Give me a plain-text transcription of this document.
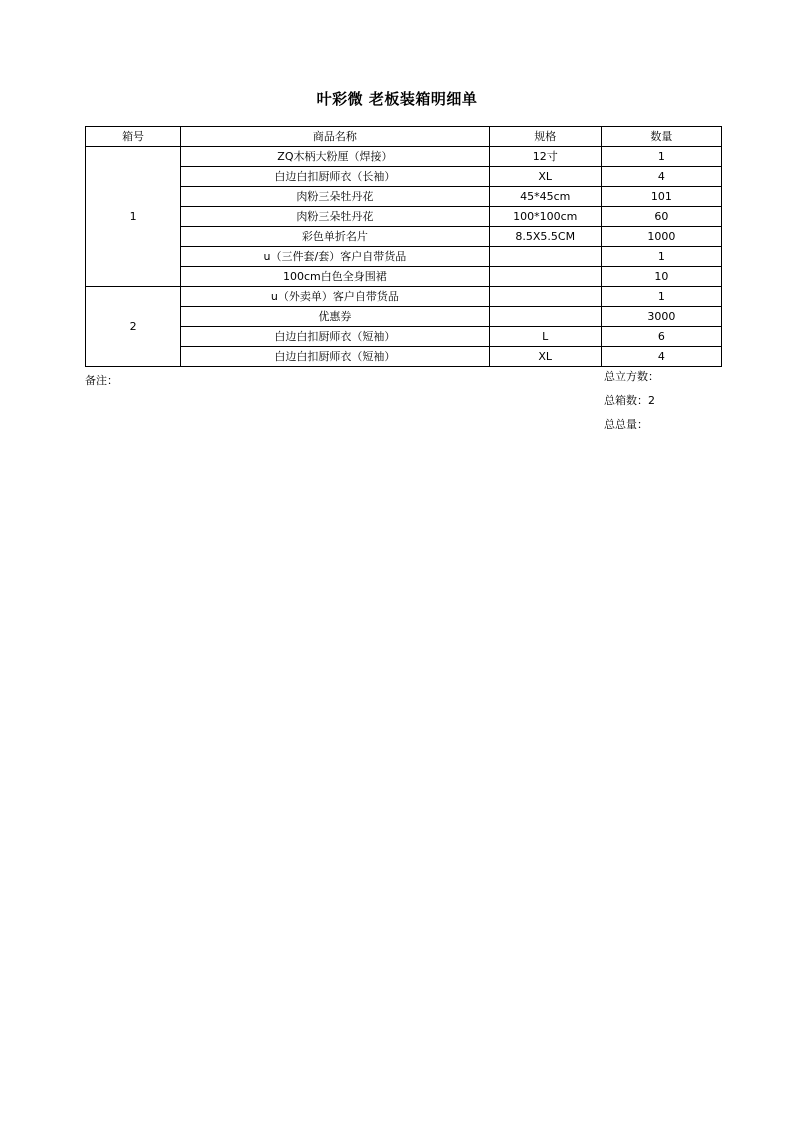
叶彩微 老板装箱明细单
箱号	商品名称	规格	数量
1	ZQ木柄大粉厘（焊接）	12寸	1
	白边白扣厨师衣（长袖）	XL	4
	肉粉三朵牡丹花	45*45cm	101
	肉粉三朵牡丹花	100*100cm	60
	彩色单折名片	8.5X5.5CM	1000
	u（三件套/套）客户自带货品		1
	100cm白色全身围裙		10
2	u（外卖单）客户自带货品		1
	优惠券		3000
	白边白扣厨师衣（短袖）	L	6
	白边白扣厨师衣（短袖）	XL	4
备注：	总立方数：
总箱数：2
总总量：
